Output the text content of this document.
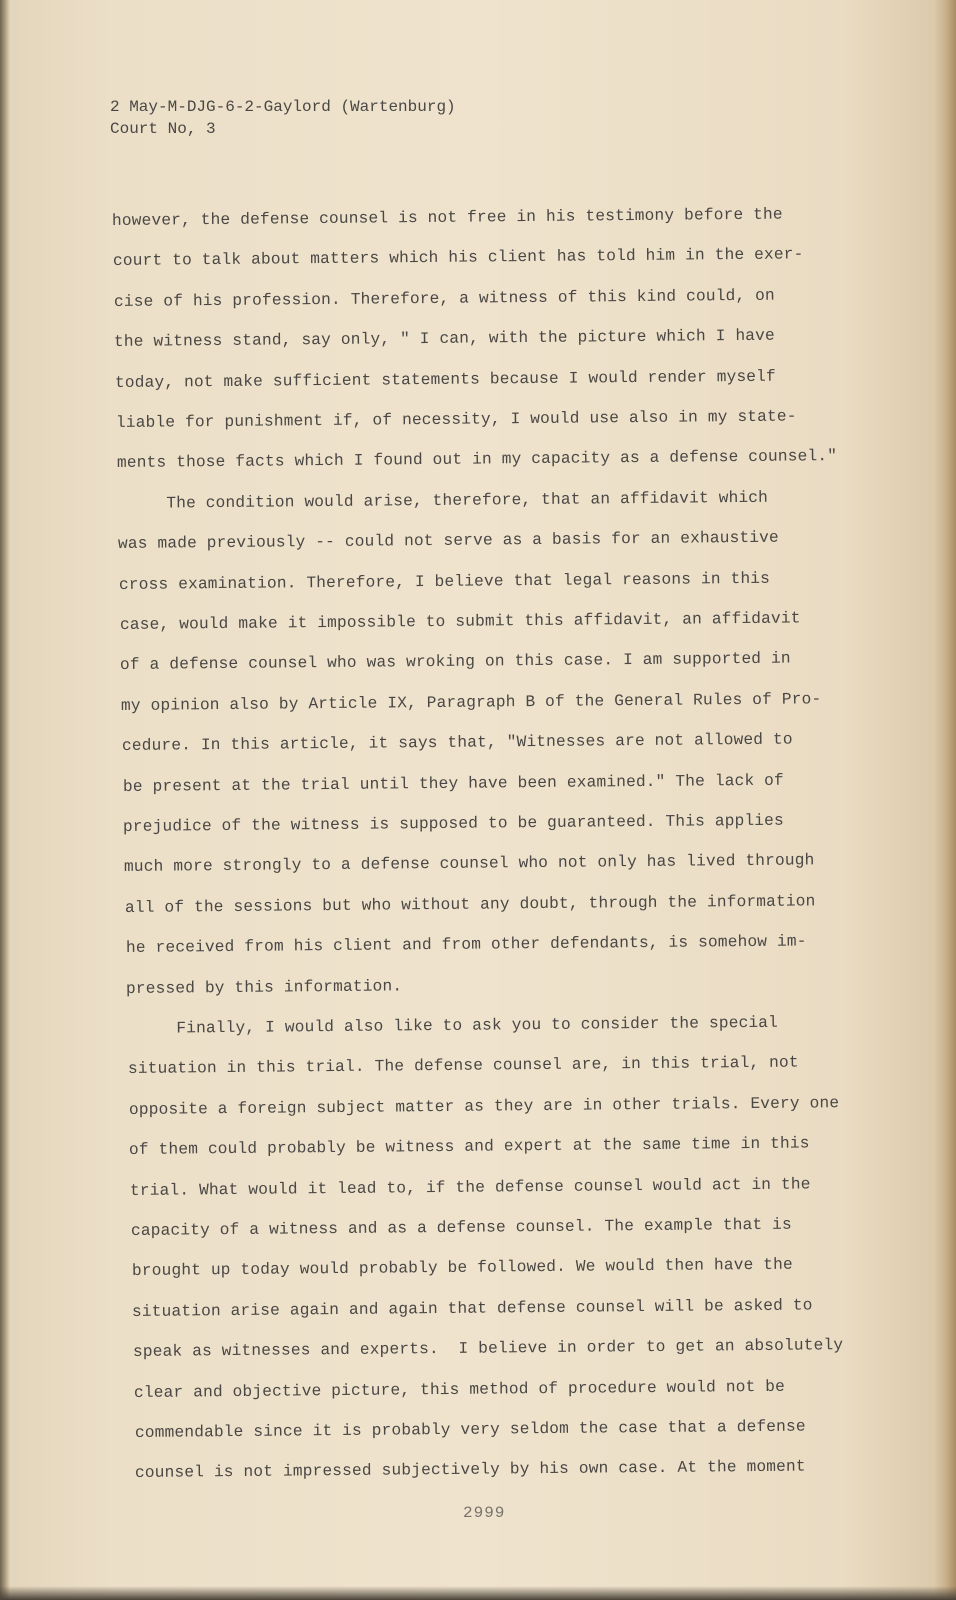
2 May-M-DJG-6-2-Gaylord (Wartenburg)
Court No, 3
however, the defense counsel is not free in his testimony before the
court to talk about matters which his client has told him in the exer-
cise of his profession. Therefore, a witness of this kind could, on
the witness stand, say only, " I can, with the picture which I have
today, not make sufficient statements because I would render myself
liable for punishment if, of necessity, I would use also in my state-
ments those facts which I found out in my capacity as a defense counsel."
The condition would arise, therefore, that an affidavit which
was made previously -- could not serve as a basis for an exhaustive
cross examination. Therefore, I believe that legal reasons in this
case, would make it impossible to submit this affidavit, an affidavit
of a defense counsel who was wroking on this case. I am supported in
my opinion also by Article IX, Paragraph B of the General Rules of Pro-
cedure. In this article, it says that, "Witnesses are not allowed to
be present at the trial until they have been examined." The lack of
prejudice of the witness is supposed to be guaranteed. This applies
much more strongly to a defense counsel who not only has lived through
all of the sessions but who without any doubt, through the information
he received from his client and from other defendants, is somehow im-
pressed by this information.
Finally, I would also like to ask you to consider the special
situation in this trial. The defense counsel are, in this trial, not
opposite a foreign subject matter as they are in other trials. Every one
of them could probably be witness and expert at the same time in this
trial. What would it lead to, if the defense counsel would act in the
capacity of a witness and as a defense counsel. The example that is
brought up today would probably be followed. We would then have the
situation arise again and again that defense counsel will be asked to
speak as witnesses and experts.  I believe in order to get an absolutely
clear and objective picture, this method of procedure would not be
commendable since it is probably very seldom the case that a defense
counsel is not impressed subjectively by his own case. At the moment
2999
